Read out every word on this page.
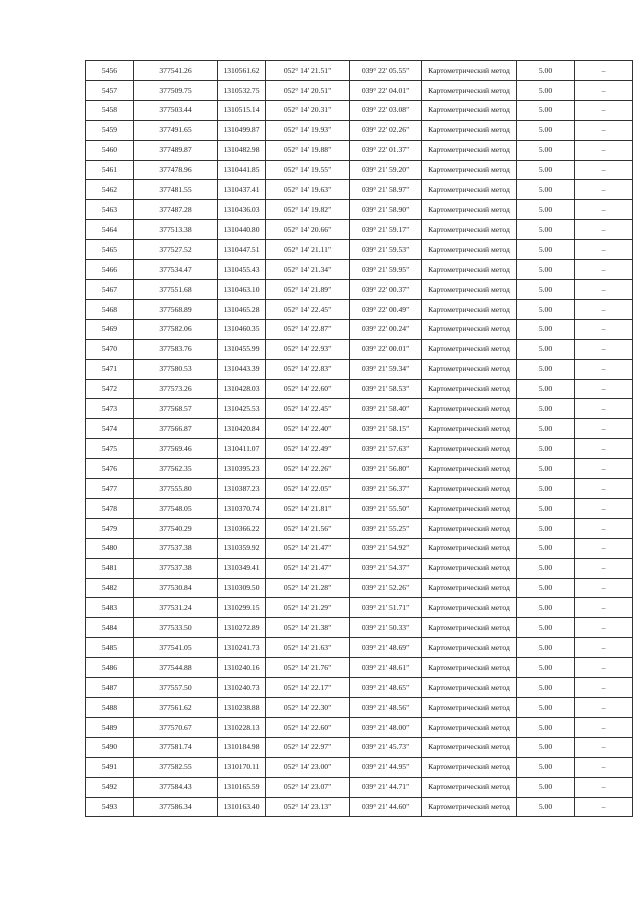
5456	377541.26	1310561.62	052° 14' 21.51"	039° 22' 05.55"	Картометрический метод	5.00	–
5457	377509.75	1310532.75	052° 14' 20.51"	039° 22' 04.01"	Картометрический метод	5.00	–
5458	377503.44	1310515.14	052° 14' 20.31"	039° 22' 03.08"	Картометрический метод	5.00	–
5459	377491.65	1310499.87	052° 14' 19.93"	039° 22' 02.26"	Картометрический метод	5.00	–
5460	377489.87	1310482.98	052° 14' 19.88"	039° 22' 01.37"	Картометрический метод	5.00	–
5461	377478.96	1310441.85	052° 14' 19.55"	039° 21' 59.20"	Картометрический метод	5.00	–
5462	377481.55	1310437.41	052° 14' 19.63"	039° 21' 58.97"	Картометрический метод	5.00	–
5463	377487.28	1310436.03	052° 14' 19.82"	039° 21' 58.90"	Картометрический метод	5.00	–
5464	377513.38	1310440.80	052° 14' 20.66"	039° 21' 59.17"	Картометрический метод	5.00	–
5465	377527.52	1310447.51	052° 14' 21.11"	039° 21' 59.53"	Картометрический метод	5.00	–
5466	377534.47	1310455.43	052° 14' 21.34"	039° 21' 59.95"	Картометрический метод	5.00	–
5467	377551.68	1310463.10	052° 14' 21.89"	039° 22' 00.37"	Картометрический метод	5.00	–
5468	377568.89	1310465.28	052° 14' 22.45"	039° 22' 00.49"	Картометрический метод	5.00	–
5469	377582.06	1310460.35	052° 14' 22.87"	039° 22' 00.24"	Картометрический метод	5.00	–
5470	377583.76	1310455.99	052° 14' 22.93"	039° 22' 00.01"	Картометрический метод	5.00	–
5471	377580.53	1310443.39	052° 14' 22.83"	039° 21' 59.34"	Картометрический метод	5.00	–
5472	377573.26	1310428.03	052° 14' 22.60"	039° 21' 58.53"	Картометрический метод	5.00	–
5473	377568.57	1310425.53	052° 14' 22.45"	039° 21' 58.40"	Картометрический метод	5.00	–
5474	377566.87	1310420.84	052° 14' 22.40"	039° 21' 58.15"	Картометрический метод	5.00	–
5475	377569.46	1310411.07	052° 14' 22.49"	039° 21' 57.63"	Картометрический метод	5.00	–
5476	377562.35	1310395.23	052° 14' 22.26"	039° 21' 56.80"	Картометрический метод	5.00	–
5477	377555.80	1310387.23	052° 14' 22.05"	039° 21' 56.37"	Картометрический метод	5.00	–
5478	377548.05	1310370.74	052° 14' 21.81"	039° 21' 55.50"	Картометрический метод	5.00	–
5479	377540.29	1310366.22	052° 14' 21.56"	039° 21' 55.25"	Картометрический метод	5.00	–
5480	377537.38	1310359.92	052° 14' 21.47"	039° 21' 54.92"	Картометрический метод	5.00	–
5481	377537.38	1310349.41	052° 14' 21.47"	039° 21' 54.37"	Картометрический метод	5.00	–
5482	377530.84	1310309.50	052° 14' 21.28"	039° 21' 52.26"	Картометрический метод	5.00	–
5483	377531.24	1310299.15	052° 14' 21.29"	039° 21' 51.71"	Картометрический метод	5.00	–
5484	377533.50	1310272.89	052° 14' 21.38"	039° 21' 50.33"	Картометрический метод	5.00	–
5485	377541.05	1310241.73	052° 14' 21.63"	039° 21' 48.69"	Картометрический метод	5.00	–
5486	377544.88	1310240.16	052° 14' 21.76"	039° 21' 48.61"	Картометрический метод	5.00	–
5487	377557.50	1310240.73	052° 14' 22.17"	039° 21' 48.65"	Картометрический метод	5.00	–
5488	377561.62	1310238.88	052° 14' 22.30"	039° 21' 48.56"	Картометрический метод	5.00	–
5489	377570.67	1310228.13	052° 14' 22.60"	039° 21' 48.00"	Картометрический метод	5.00	–
5490	377581.74	1310184.98	052° 14' 22.97"	039° 21' 45.73"	Картометрический метод	5.00	–
5491	377582.55	1310170.11	052° 14' 23.00"	039° 21' 44.95"	Картометрический метод	5.00	–
5492	377584.43	1310165.59	052° 14' 23.07"	039° 21' 44.71"	Картометрический метод	5.00	–
5493	377586.34	1310163.40	052° 14' 23.13"	039° 21' 44.60"	Картометрический метод	5.00	–
